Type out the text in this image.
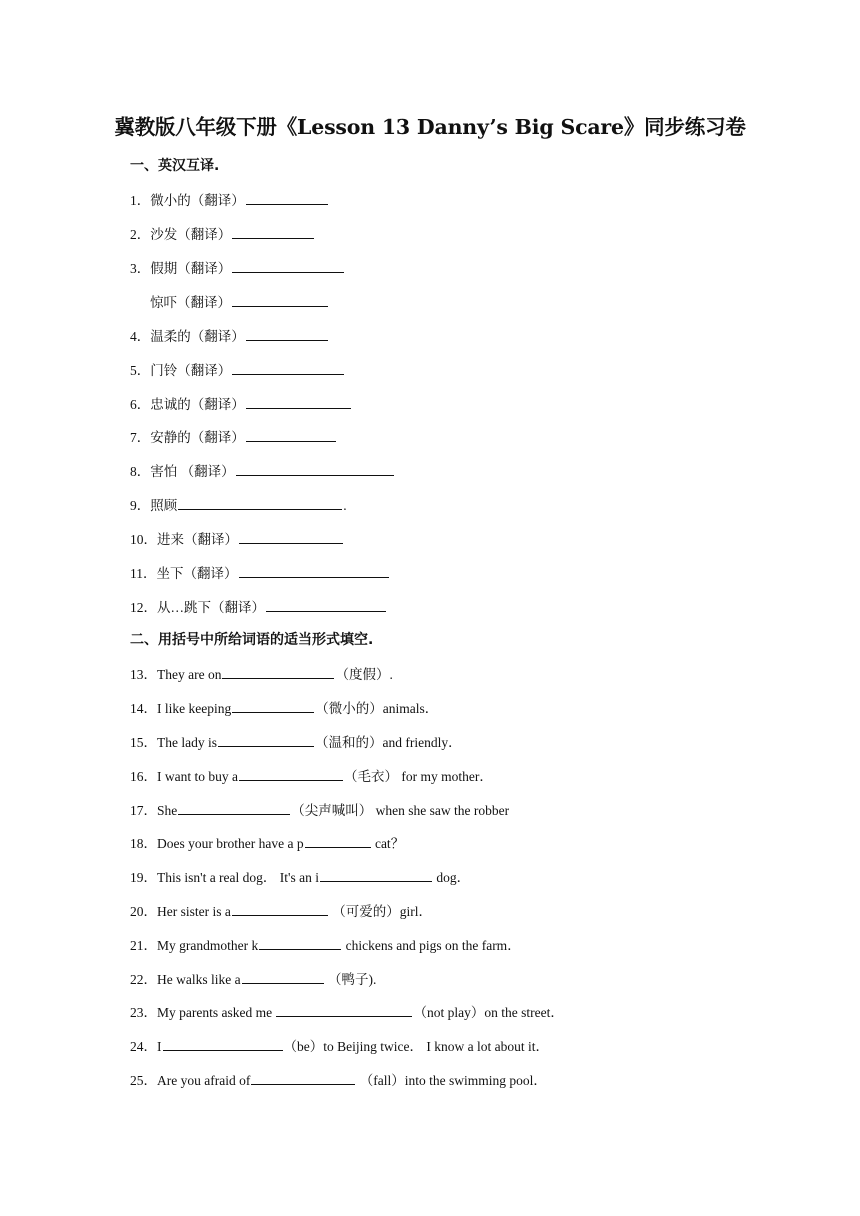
冀教版八年级下册《Lesson 13 Danny’s Big Scare》同步练习卷
一、英汉互译.
1．微小的（翻译）
2．沙发（翻译）
3．假期（翻译）
惊吓（翻译）
4．温柔的（翻译）
5．门铃（翻译）
6．忠诚的（翻译）
7．安静的（翻译）
8．害怕 （翻译）
9．照顾	.
10．进来（翻译）
11．坐下（翻译）
12．从…跳下（翻译）
二、用括号中所给词语的适当形式填空.
13．They are on	（度假）.
14．I like keeping	（微小的）animals．
15．The lady is	（温和的）and friendly．
16．I want to buy a	（毛衣） for my mother．
17．She	（尖声喊叫） when she saw the robber
18．Does your brother have a p	cat？
19．This isn't a real dog． It's an i	dog．
20．Her sister is a	（可爱的）girl．
21．My grandmother k	chickens and pigs on the farm．
22．He walks like a	（鸭子).
23．My parents asked me	（not play）on the street．
24．I	（be）to Beijing twice． I know a lot about it．
25．Are you afraid of	（fall）into the swimming pool．
